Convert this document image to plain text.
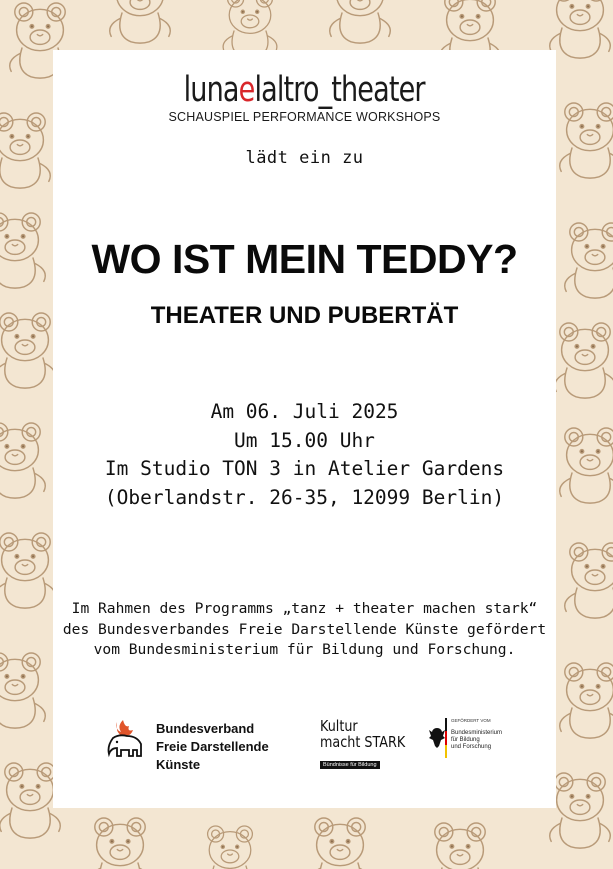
lunaelaltro_theater
SCHAUSPIEL PERFORMANCE WORKSHOPS
lädt ein zu
WO IST MEIN TEDDY?
THEATER UND PUBERTÄT
Am 06. Juli 2025
Um 15.00 Uhr
Im Studio TON 3 in Atelier Gardens
(Oberlandstr. 26-35, 12099 Berlin)
Im Rahmen des Programms „tanz + theater machen stark“ des Bundesverbandes Freie Darstellende Künste gefördert vom Bundesministerium für Bildung und Forschung.
Bundesverband
Freie Darstellende
Künste
Kultur
macht STARK
Bündnisse für Bildung
GEFÖRDERT VOM
Bundesministerium
für Bildung
und Forschung
